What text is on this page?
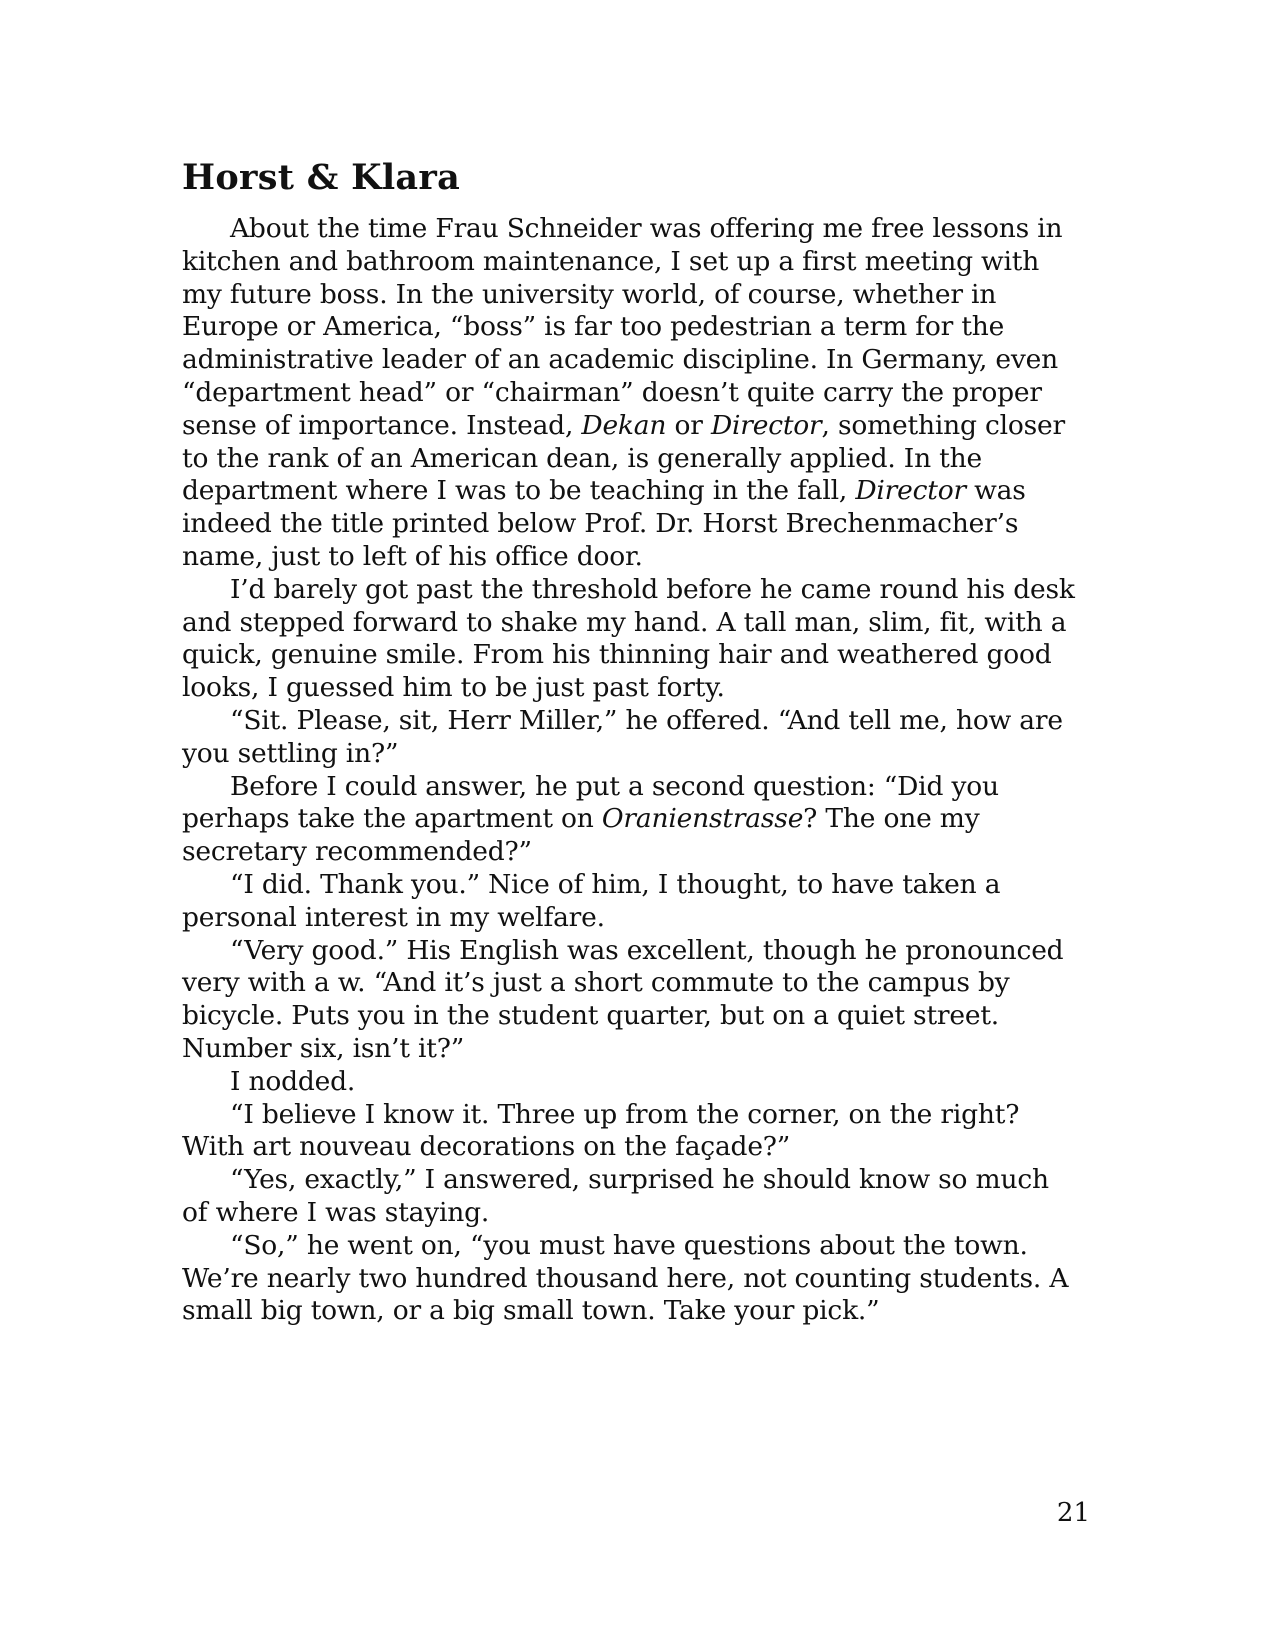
Horst & Klara

About the time Frau Schneider was offering me free lessons in kitchen and bathroom maintenance, I set up a first meeting with my future boss. In the university world, of course, whether in Europe or America, “boss” is far too pedestrian a term for the administrative leader of an academic discipline. In Germany, even “department head” or “chairman” doesn’t quite carry the proper sense of importance. Instead, Dekan or Director, something closer to the rank of an American dean, is generally applied. In the department where I was to be teaching in the fall, Director was indeed the title printed below Prof. Dr. Horst Brechenmacher’s name, just to left of his office door.

I’d barely got past the threshold before he came round his desk and stepped forward to shake my hand. A tall man, slim, fit, with a quick, genuine smile. From his thinning hair and weathered good looks, I guessed him to be just past forty.

“Sit. Please, sit, Herr Miller,” he offered. “And tell me, how are you settling in?”

Before I could answer, he put a second question: “Did you perhaps take the apartment on Oranienstrasse? The one my secretary recommended?”

“I did. Thank you.” Nice of him, I thought, to have taken a personal interest in my welfare.

“Very good.” His English was excellent, though he pronounced very with a w. “And it’s just a short commute to the campus by bicycle. Puts you in the student quarter, but on a quiet street. Number six, isn’t it?”

I nodded.

“I believe I know it. Three up from the corner, on the right? With art nouveau decorations on the façade?”

“Yes, exactly,” I answered, surprised he should know so much of where I was staying.

“So,” he went on, “you must have questions about the town. We’re nearly two hundred thousand here, not counting students. A small big town, or a big small town. Take your pick.”

21
